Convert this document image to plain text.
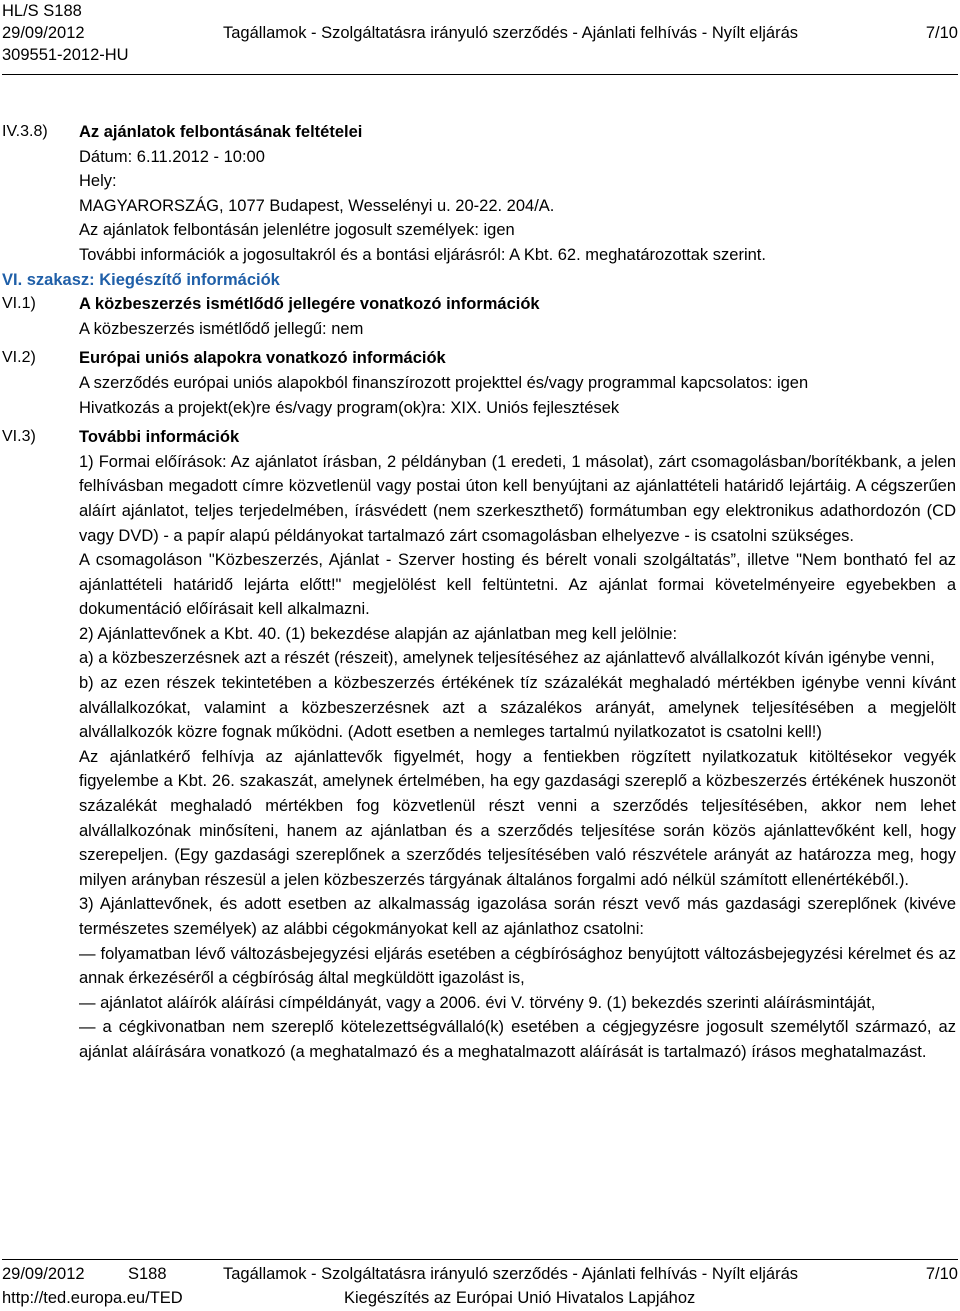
HL/S S188
29/09/2012	Tagállamok - Szolgáltatásra irányuló szerződés - Ajánlati felhívás - Nyílt eljárás	7/10
309551-2012-HU
IV.3.8)	Az ajánlatok felbontásának feltételei
Dátum: 6.11.2012 - 10:00
Hely:
MAGYARORSZÁG, 1077 Budapest, Wesselényi u. 20-22. 204/A.
Az ajánlatok felbontásán jelenlétre jogosult személyek: igen
További információk a jogosultakról és a bontási eljárásról: A Kbt. 62. meghatározottak szerint.
VI. szakasz: Kiegészítő információk
VI.1)	A közbeszerzés ismétlődő jellegére vonatkozó információk
A közbeszerzés ismétlődő jellegű: nem
VI.2)	Európai uniós alapokra vonatkozó információk
A szerződés európai uniós alapokból finanszírozott projekttel és/vagy programmal kapcsolatos: igen
Hivatkozás a projekt(ek)re és/vagy program(ok)ra: XIX. Uniós fejlesztések
VI.3)	További információk
1) Formai előírások: Az ajánlatot írásban, 2 példányban (1 eredeti, 1 másolat), zárt csomagolásban/borítékbank, a jelen felhívásban megadott címre közvetlenül vagy postai úton kell benyújtani az ajánlattételi határidő lejártáig. A cégszerűen aláírt ajánlatot, teljes terjedelmében, írásvédett (nem szerkeszthető) formátumban egy elektronikus adathordozón (CD vagy DVD) - a papír alapú példányokat tartalmazó zárt csomagolásban elhelyezve - is csatolni szükséges.
A csomagoláson "Közbeszerzés, Ajánlat - Szerver hosting és bérelt vonali szolgáltatás”, illetve "Nem bontható fel az ajánlattételi határidő lejárta előtt!" megjelölést kell feltüntetni. Az ajánlat formai követelményeire egyebekben a dokumentáció előírásait kell alkalmazni.
2) Ajánlattevőnek a Kbt. 40. (1) bekezdése alapján az ajánlatban meg kell jelölnie:
a) a közbeszerzésnek azt a részét (részeit), amelynek teljesítéséhez az ajánlattevő alvállalkozót kíván igénybe venni,
b) az ezen részek tekintetében a közbeszerzés értékének tíz százalékát meghaladó mértékben igénybe venni kívánt alvállalkozókat, valamint a közbeszerzésnek azt a százalékos arányát, amelynek teljesítésében a megjelölt alvállalkozók közre fognak működni. (Adott esetben a nemleges tartalmú nyilatkozatot is csatolni kell!)
Az ajánlatkérő felhívja az ajánlattevők figyelmét, hogy a fentiekben rögzített nyilatkozatuk kitöltésekor vegyék figyelembe a Kbt. 26. szakaszát, amelynek értelmében, ha egy gazdasági szereplő a közbeszerzés értékének huszonöt százalékát meghaladó mértékben fog közvetlenül részt venni a szerződés teljesítésében, akkor nem lehet alvállalkozónak minősíteni, hanem az ajánlatban és a szerződés teljesítése során közös ajánlattevőként kell, hogy szerepeljen. (Egy gazdasági szereplőnek a szerződés teljesítésében való részvétele arányát az határozza meg, hogy milyen arányban részesül a jelen közbeszerzés tárgyának általános forgalmi adó nélkül számított ellenértékéből.).
3) Ajánlattevőnek, és adott esetben az alkalmasság igazolása során részt vevő más gazdasági szereplőnek (kivéve természetes személyek) az alábbi cégokmányokat kell az ajánlathoz csatolni:
— folyamatban lévő változásbejegyzési eljárás esetében a cégbírósághoz benyújtott változásbejegyzési kérelmet és az annak érkezéséről a cégbíróság által megküldött igazolást is,
— ajánlatot aláírók aláírási címpéldányát, vagy a 2006. évi V. törvény 9. (1) bekezdés szerinti aláírásmintáját,
— a cégkivonatban nem szereplő kötelezettségvállaló(k) esetében a cégjegyzésre jogosult személytől származó, az ajánlat aláírására vonatkozó (a meghatalmazó és a meghatalmazott aláírását is tartalmazó) írásos meghatalmazást.
29/09/2012	S188	Tagállamok - Szolgáltatásra irányuló szerződés - Ajánlati felhívás - Nyílt eljárás	7/10
http://ted.europa.eu/TED	Kiegészítés az Európai Unió Hivatalos Lapjához
